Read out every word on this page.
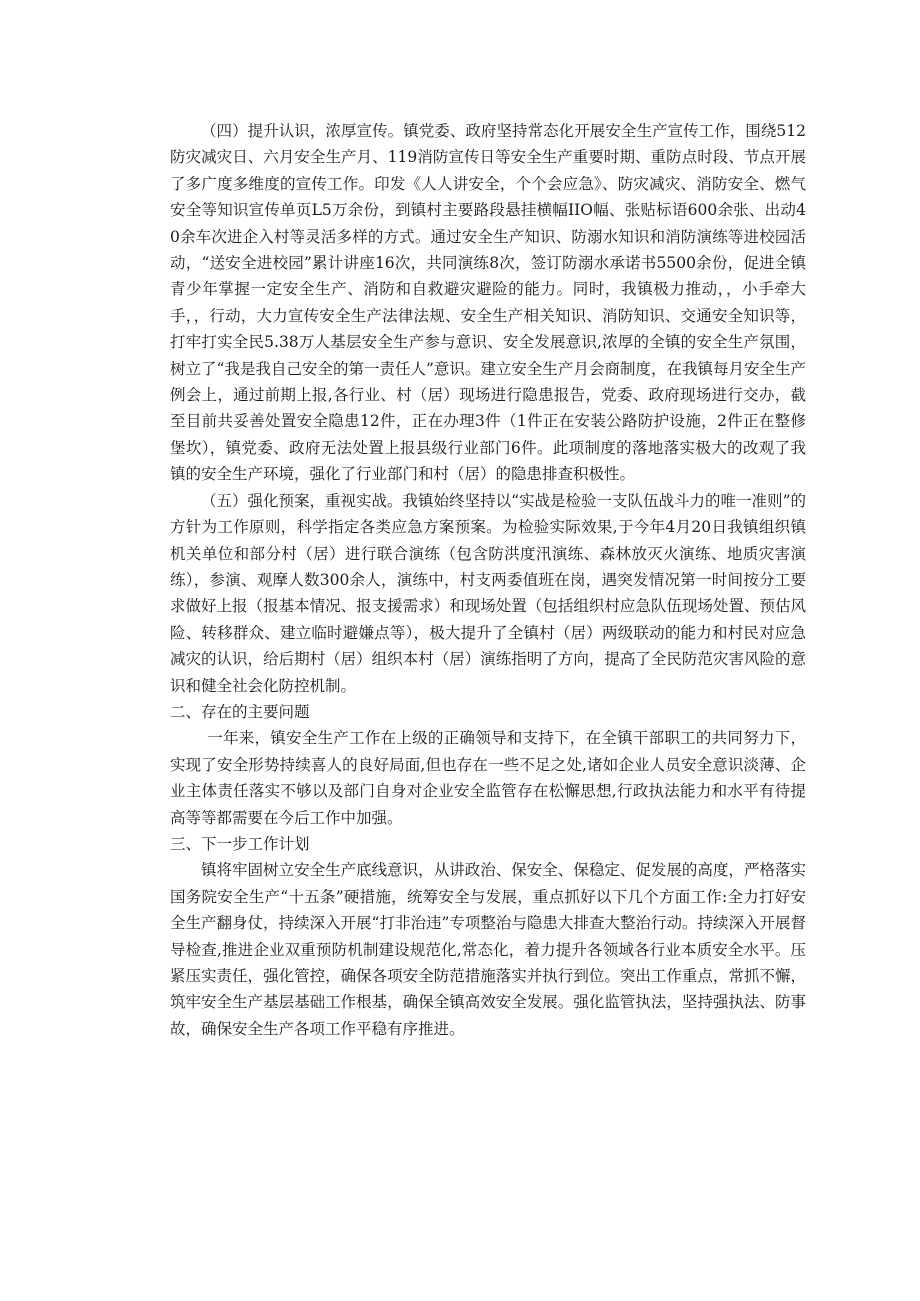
（四）提升认识，浓厚宣传。镇党委、政府坚持常态化开展安全生产宣传工作，围绕512防灾减灾日、六月安全生产月、119消防宣传日等安全生产重要时期、重防点时段、节点开展了多广度多维度的宣传工作。印发《人人讲安全，个个会应急》、防灾减灾、消防安全、燃气安全等知识宣传单页L5万余份，到镇村主要路段悬挂横幅IIO幅、张贴标语600余张、出动40余车次进企入村等灵活多样的方式。通过安全生产知识、防溺水知识和消防演练等进校园活动，“送安全进校园”累计讲座16次，共同演练8次，签订防溺水承诺书5500余份，促进全镇青少年掌握一定安全生产、消防和自救避灾避险的能力。同时，我镇极力推动，，小手牵大手，，行动，大力宣传安全生产法律法规、安全生产相关知识、消防知识、交通安全知识等，打牢打实全民5.38万人基层安全生产参与意识、安全发展意识,浓厚的全镇的安全生产氛围，树立了“我是我自己安全的第一责任人”意识。建立安全生产月会商制度，在我镇每月安全生产例会上，通过前期上报,各行业、村（居）现场进行隐患报告，党委、政府现场进行交办，截至目前共妥善处置安全隐患12件，正在办理3件（1件正在安装公路防护设施，2件正在整修堡坎），镇党委、政府无法处置上报县级行业部门6件。此项制度的落地落实极大的改观了我镇的安全生产环境，强化了行业部门和村（居）的隐患排查积极性。

（五）强化预案，重视实战。我镇始终坚持以“实战是检验一支队伍战斗力的唯一准则”的方针为工作原则，科学指定各类应急方案预案。为检验实际效果,于今年4月20日我镇组织镇机关单位和部分村（居）进行联合演练（包含防洪度汛演练、森林放灭火演练、地质灾害演练），参演、观摩人数300余人，演练中，村支两委值班在岗，遇突发情况第一时间按分工要求做好上报（报基本情况、报支援需求）和现场处置（包括组织村应急队伍现场处置、预估风险、转移群众、建立临时避嫌点等），极大提升了全镇村（居）两级联动的能力和村民对应急减灾的认识，给后期村（居）组织本村（居）演练指明了方向，提高了全民防范灾害风险的意识和健全社会化防控机制。

二、存在的主要问题

一年来，镇安全生产工作在上级的正确领导和支持下，在全镇干部职工的共同努力下，实现了安全形势持续喜人的良好局面,但也存在一些不足之处,诸如企业人员安全意识淡薄、企业主体责任落实不够以及部门自身对企业安全监管存在松懈思想,行政执法能力和水平有待提高等等都需要在今后工作中加强。

三、下一步工作计划

镇将牢固树立安全生产底线意识，从讲政治、保安全、保稳定、促发展的高度，严格落实国务院安全生产“十五条”硬措施，统筹安全与发展，重点抓好以下几个方面工作:全力打好安全生产翻身仗，持续深入开展“打非治违”专项整治与隐患大排查大整治行动。持续深入开展督导检查,推进企业双重预防机制建设规范化,常态化，着力提升各领域各行业本质安全水平。压紧压实责任，强化管控，确保各项安全防范措施落实并执行到位。突出工作重点，常抓不懈，筑牢安全生产基层基础工作根基，确保全镇高效安全发展。强化监管执法，坚持强执法、防事故，确保安全生产各项工作平稳有序推进。
